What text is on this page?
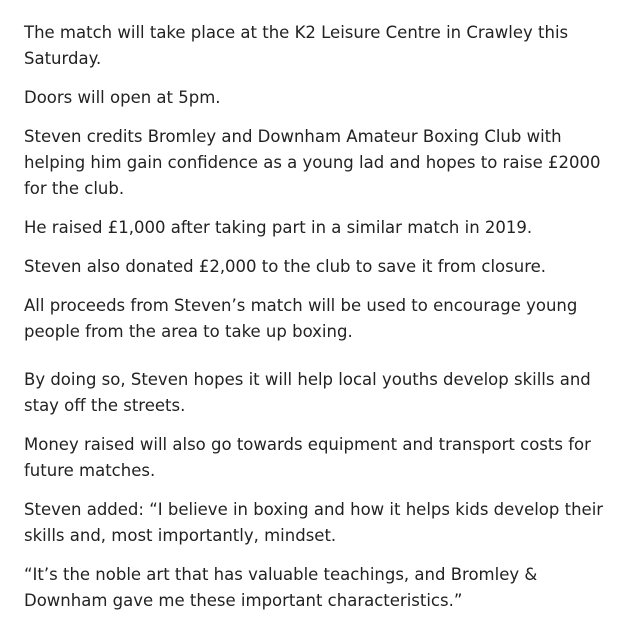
The match will take place at the K2 Leisure Centre in Crawley this Saturday.

Doors will open at 5pm.

Steven credits Bromley and Downham Amateur Boxing Club with helping him gain confidence as a young lad and hopes to raise £2000 for the club.

He raised £1,000 after taking part in a similar match in 2019.

Steven also donated £2,000 to the club to save it from closure.

All proceeds from Steven’s match will be used to encourage young people from the area to take up boxing.

By doing so, Steven hopes it will help local youths develop skills and stay off the streets.

Money raised will also go towards equipment and transport costs for future matches.

Steven added: “I believe in boxing and how it helps kids develop their skills and, most importantly, mindset.

“It’s the noble art that has valuable teachings, and Bromley & Downham gave me these important characteristics.”
